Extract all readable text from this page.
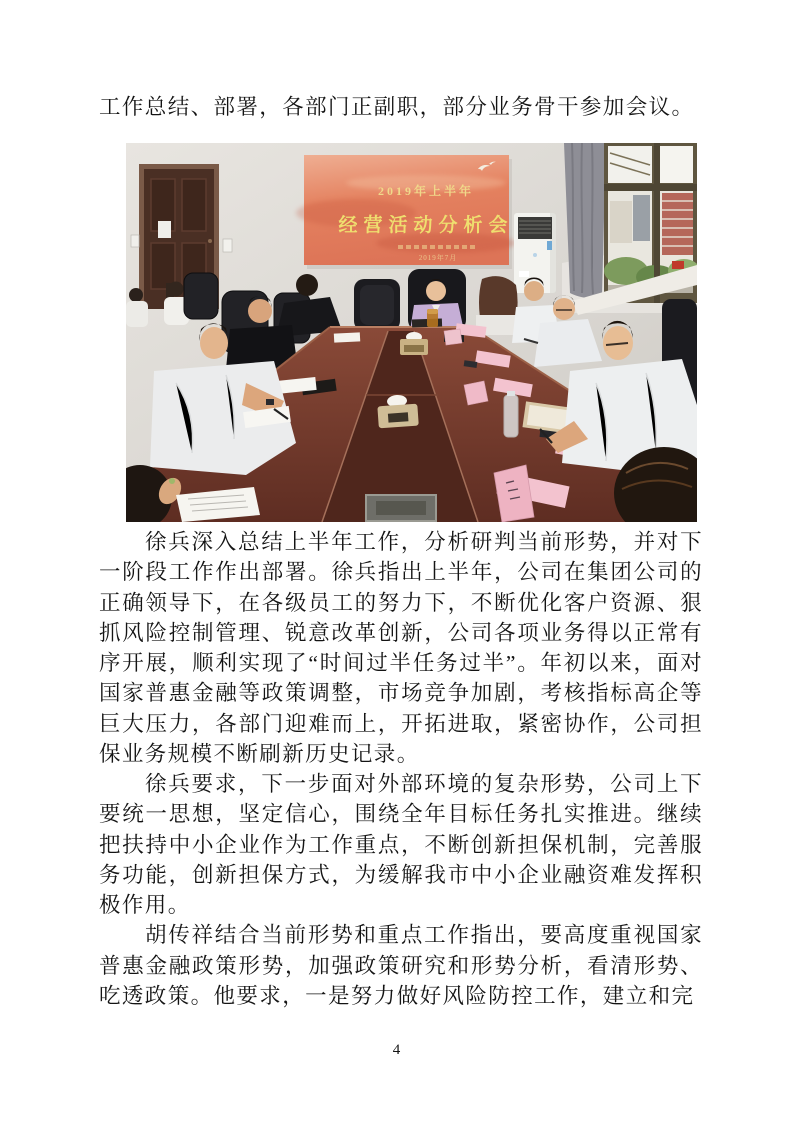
工作总结、部署，各部门正副职，部分业务骨干参加会议。

2019年上半年
经营活动分析会
2019年7月

徐兵深入总结上半年工作，分析研判当前形势，并对下一阶段工作作出部署。徐兵指出上半年，公司在集团公司的正确领导下，在各级员工的努力下，不断优化客户资源、狠抓风险控制管理、锐意改革创新，公司各项业务得以正常有序开展，顺利实现了“时间过半任务过半”。年初以来，面对国家普惠金融等政策调整，市场竞争加剧，考核指标高企等巨大压力，各部门迎难而上，开拓进取，紧密协作，公司担保业务规模不断刷新历史记录。

徐兵要求，下一步面对外部环境的复杂形势，公司上下要统一思想，坚定信心，围绕全年目标任务扎实推进。继续把扶持中小企业作为工作重点，不断创新担保机制，完善服务功能，创新担保方式，为缓解我市中小企业融资难发挥积极作用。

胡传祥结合当前形势和重点工作指出，要高度重视国家普惠金融政策形势，加强政策研究和形势分析，看清形势、吃透政策。他要求，一是努力做好风险防控工作，建立和完

4
